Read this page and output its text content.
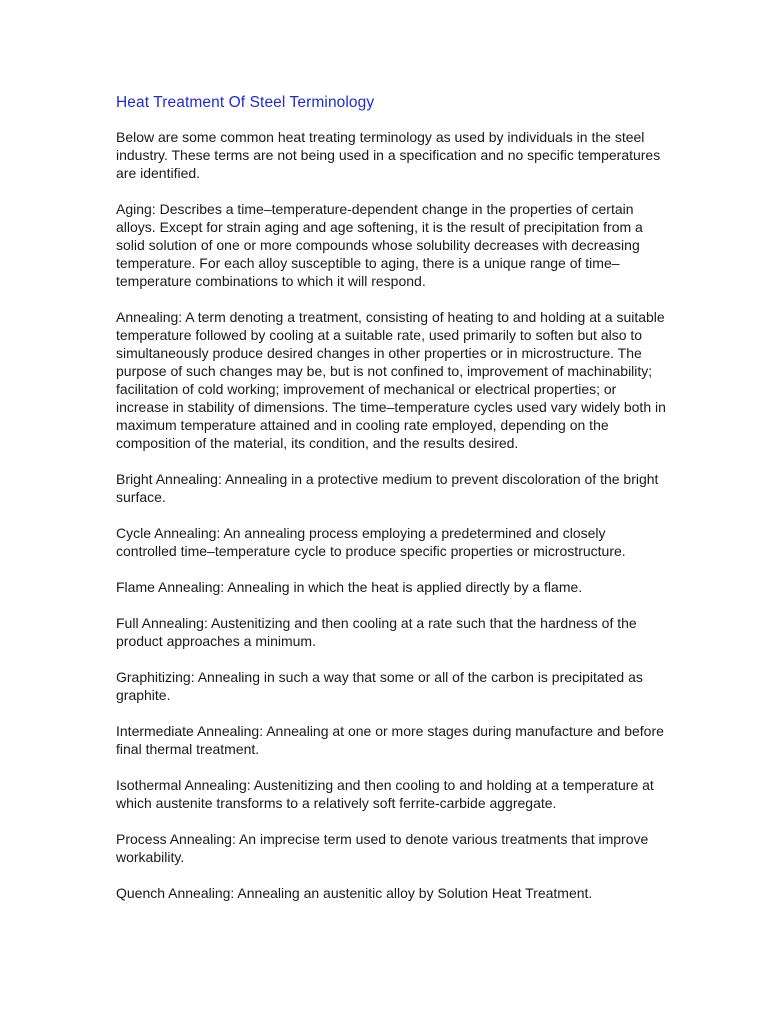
Heat Treatment Of Steel Terminology

Below are some common heat treating terminology as used by individuals in the steel industry. These terms are not being used in a specification and no specific temperatures are identified.

Aging: Describes a time–temperature-dependent change in the properties of certain alloys. Except for strain aging and age softening, it is the result of precipitation from a solid solution of one or more compounds whose solubility decreases with decreasing temperature. For each alloy susceptible to aging, there is a unique range of time–temperature combinations to which it will respond.

Annealing: A term denoting a treatment, consisting of heating to and holding at a suitable temperature followed by cooling at a suitable rate, used primarily to soften but also to simultaneously produce desired changes in other properties or in microstructure. The purpose of such changes may be, but is not confined to, improvement of machinability; facilitation of cold working; improvement of mechanical or electrical properties; or increase in stability of dimensions. The time–temperature cycles used vary widely both in maximum temperature attained and in cooling rate employed, depending on the composition of the material, its condition, and the results desired.

Bright Annealing: Annealing in a protective medium to prevent discoloration of the bright surface.

Cycle Annealing: An annealing process employing a predetermined and closely controlled time–temperature cycle to produce specific properties or microstructure.

Flame Annealing: Annealing in which the heat is applied directly by a flame.

Full Annealing: Austenitizing and then cooling at a rate such that the hardness of the product approaches a minimum.

Graphitizing: Annealing in such a way that some or all of the carbon is precipitated as graphite.

Intermediate Annealing: Annealing at one or more stages during manufacture and before final thermal treatment.

Isothermal Annealing: Austenitizing and then cooling to and holding at a temperature at which austenite transforms to a relatively soft ferrite-carbide aggregate.

Process Annealing: An imprecise term used to denote various treatments that improve workability.

Quench Annealing: Annealing an austenitic alloy by Solution Heat Treatment.
